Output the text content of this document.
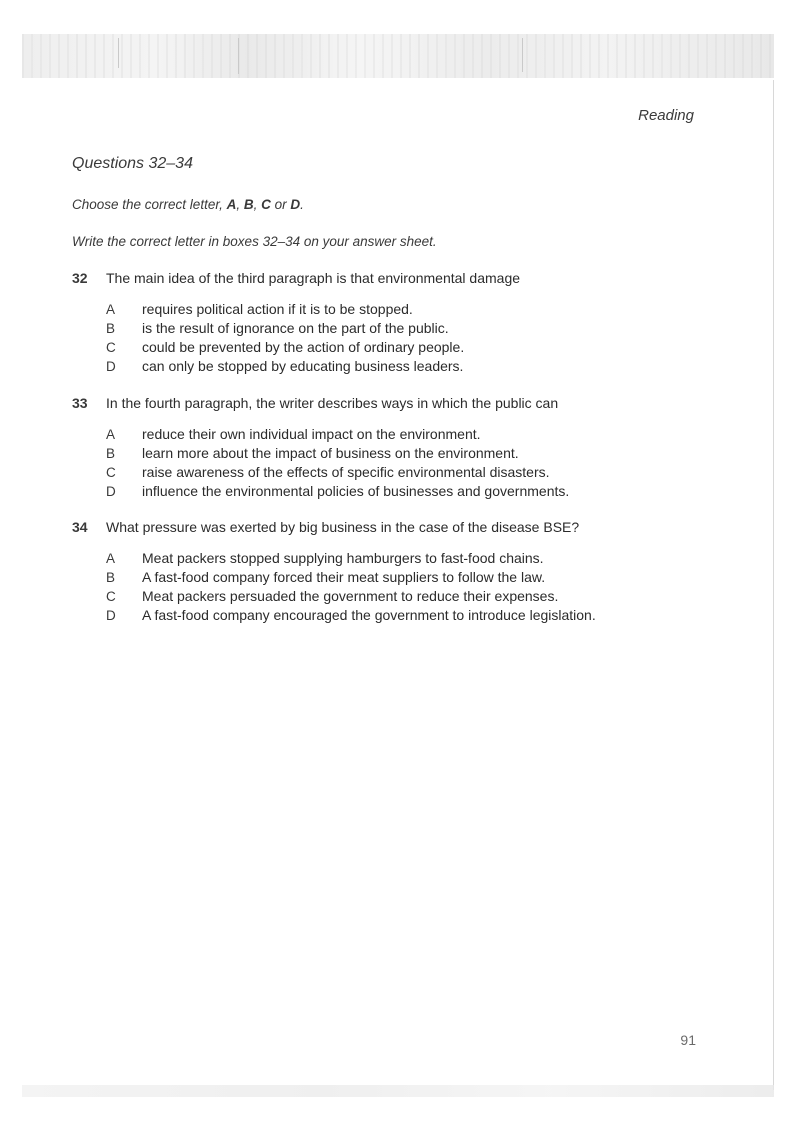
Reading
Questions 32–34
Choose the correct letter, A, B, C or D.
Write the correct letter in boxes 32–34 on your answer sheet.
32	The main idea of the third paragraph is that environmental damage
A	requires political action if it is to be stopped.
B	is the result of ignorance on the part of the public.
C	could be prevented by the action of ordinary people.
D	can only be stopped by educating business leaders.
33	In the fourth paragraph, the writer describes ways in which the public can
A	reduce their own individual impact on the environment.
B	learn more about the impact of business on the environment.
C	raise awareness of the effects of specific environmental disasters.
D	influence the environmental policies of businesses and governments.
34	What pressure was exerted by big business in the case of the disease BSE?
A	Meat packers stopped supplying hamburgers to fast-food chains.
B	A fast-food company forced their meat suppliers to follow the law.
C	Meat packers persuaded the government to reduce their expenses.
D	A fast-food company encouraged the government to introduce legislation.
91
